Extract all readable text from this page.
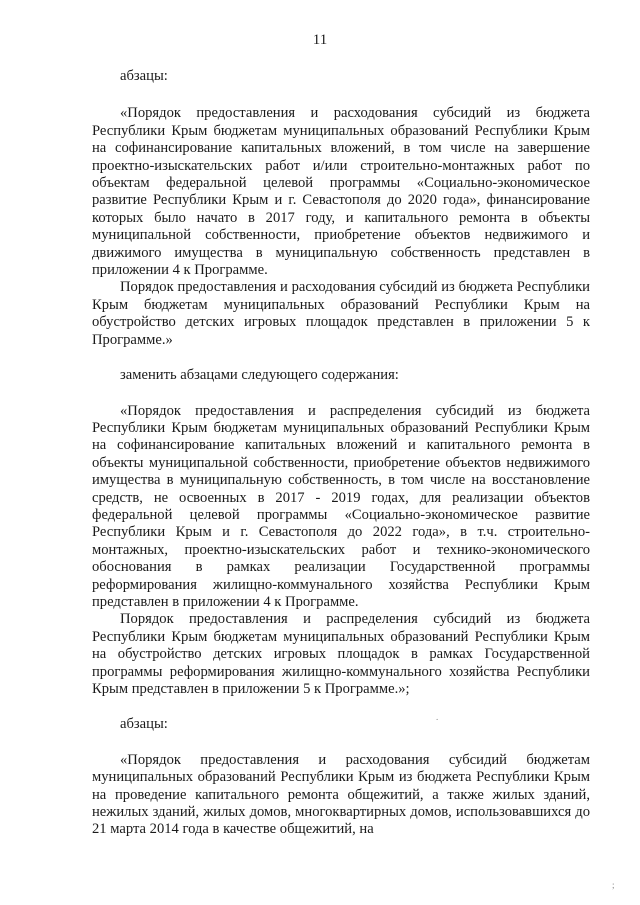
11
абзацы:

«Порядок предоставления и расходования субсидий из бюджета Республики Крым бюджетам муниципальных образований Республики Крым на софинансирование капитальных вложений, в том числе на завершение проектно-изыскательских работ и/или строительно-монтажных работ по объектам федеральной целевой программы «Социально-экономическое развитие Республики Крым и г. Севастополя до 2020 года», финансирование которых было начато в 2017 году, и капитального ремонта в объекты муниципальной собственности, приобретение объектов недвижимого и движимого имущества в муниципальную собственность представлен в приложении 4 к Программе.

Порядок предоставления и расходования субсидий из бюджета Республики Крым бюджетам муниципальных образований Республики Крым на обустройство детских игровых площадок представлен в приложении 5 к Программе.»

заменить абзацами следующего содержания:

«Порядок предоставления и распределения субсидий из бюджета Республики Крым бюджетам муниципальных образований Республики Крым на софинансирование капитальных вложений и капитального ремонта в объекты муниципальной собственности, приобретение объектов недвижимого имущества в муниципальную собственность, в том числе на восстановление средств, не освоенных в 2017 - 2019 годах, для реализации объектов федеральной целевой программы «Социально-экономическое развитие Республики Крым и г. Севастополя до 2022 года», в т.ч. строительно-монтажных, проектно-изыскательских работ и технико-экономического обоснования в рамках реализации Государственной программы реформирования жилищно-коммунального хозяйства Республики Крым представлен в приложении 4 к Программе.

Порядок предоставления и распределения субсидий из бюджета Республики Крым бюджетам муниципальных образований Республики Крым на обустройство детских игровых площадок в рамках Государственной программы реформирования жилищно-коммунального хозяйства Республики Крым представлен в приложении 5 к Программе.»;

абзацы:

«Порядок предоставления и расходования субсидий бюджетам муниципальных образований Республики Крым из бюджета Республики Крым на проведение капитального ремонта общежитий, а также жилых зданий, нежилых зданий, жилых домов, многоквартирных домов, использовавшихся до 21 марта 2014 года в качестве общежитий, на

.
;
